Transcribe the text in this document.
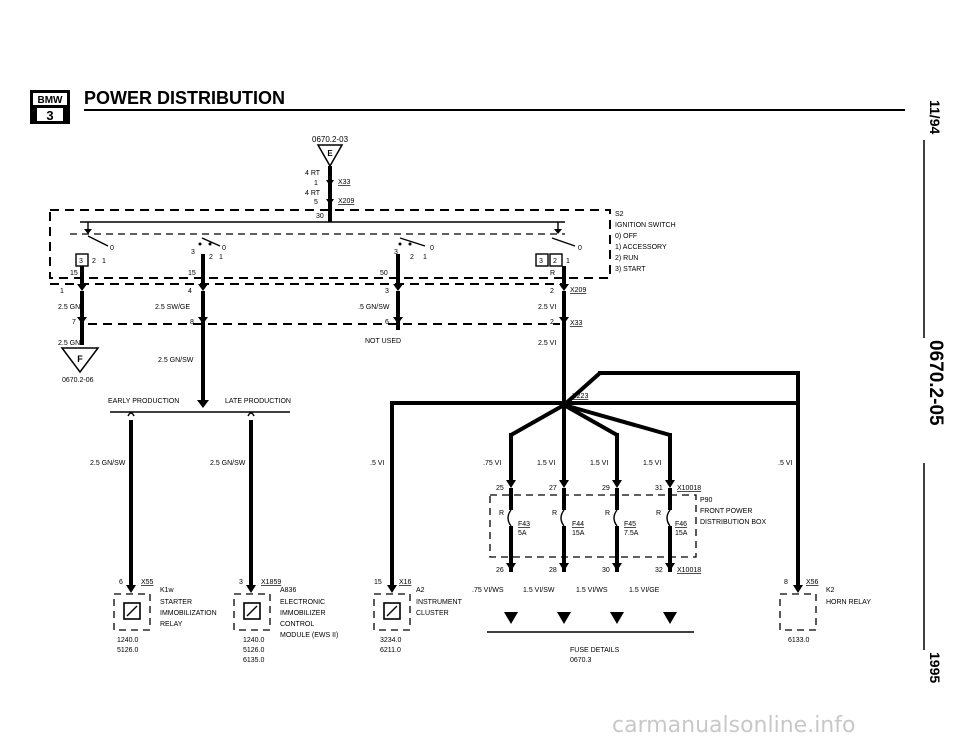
BMW
3
POWER DISTRIBUTION
11/94
0670.2-05
1995
0670.2-03
E
4 RT
1	X33
4 RT
5	X209
30
0
3 2 1
15
0
3
2 1
15
0
3
2 1
50
0
3 2 1
R
S2
IGNITION SWITCH
0) OFF
1) ACCESSORY
2) RUN
3) START
1	4	3	2 X209
2.5 GN	2.5 SW/GE	.5 GN/SW	2.5 VI
7	8	6	2 X33
2.5 GN	NOT USED	2.5 VI
2.5 GN/SW
F
0670.2-06
EARLY PRODUCTION	LATE PRODUCTION
2.5 GN/SW	2.5 GN/SW
6	X55
K1w
STARTER
IMMOBILIZATION
RELAY
1240.0
5126.0
3	X1859
A836
ELECTRONIC
IMMOBILIZER
CONTROL
MODULE (EWS II)
1240.0
5126.0
6135.0
X223
.5 VI	.5 VI
.75 VI	1.5 VI	1.5 VI	1.5 VI
25	27	29	31 X10018
R
F43
5A
R
F44
15A
R
F45
7.5A
R
F46
15A
P90
FRONT POWER
DISTRIBUTION BOX
26	28	30	32 X10018
.75 VI/WS	1.5 VI/SW	1.5 VI/WS	1.5 VI/GE
FUSE DETAILS
0670.3
15 X16
A2
INSTRUMENT
CLUSTER
3234.0
6211.0
8	X56
K2
HORN RELAY
6133.0
carmanualsonline.info
